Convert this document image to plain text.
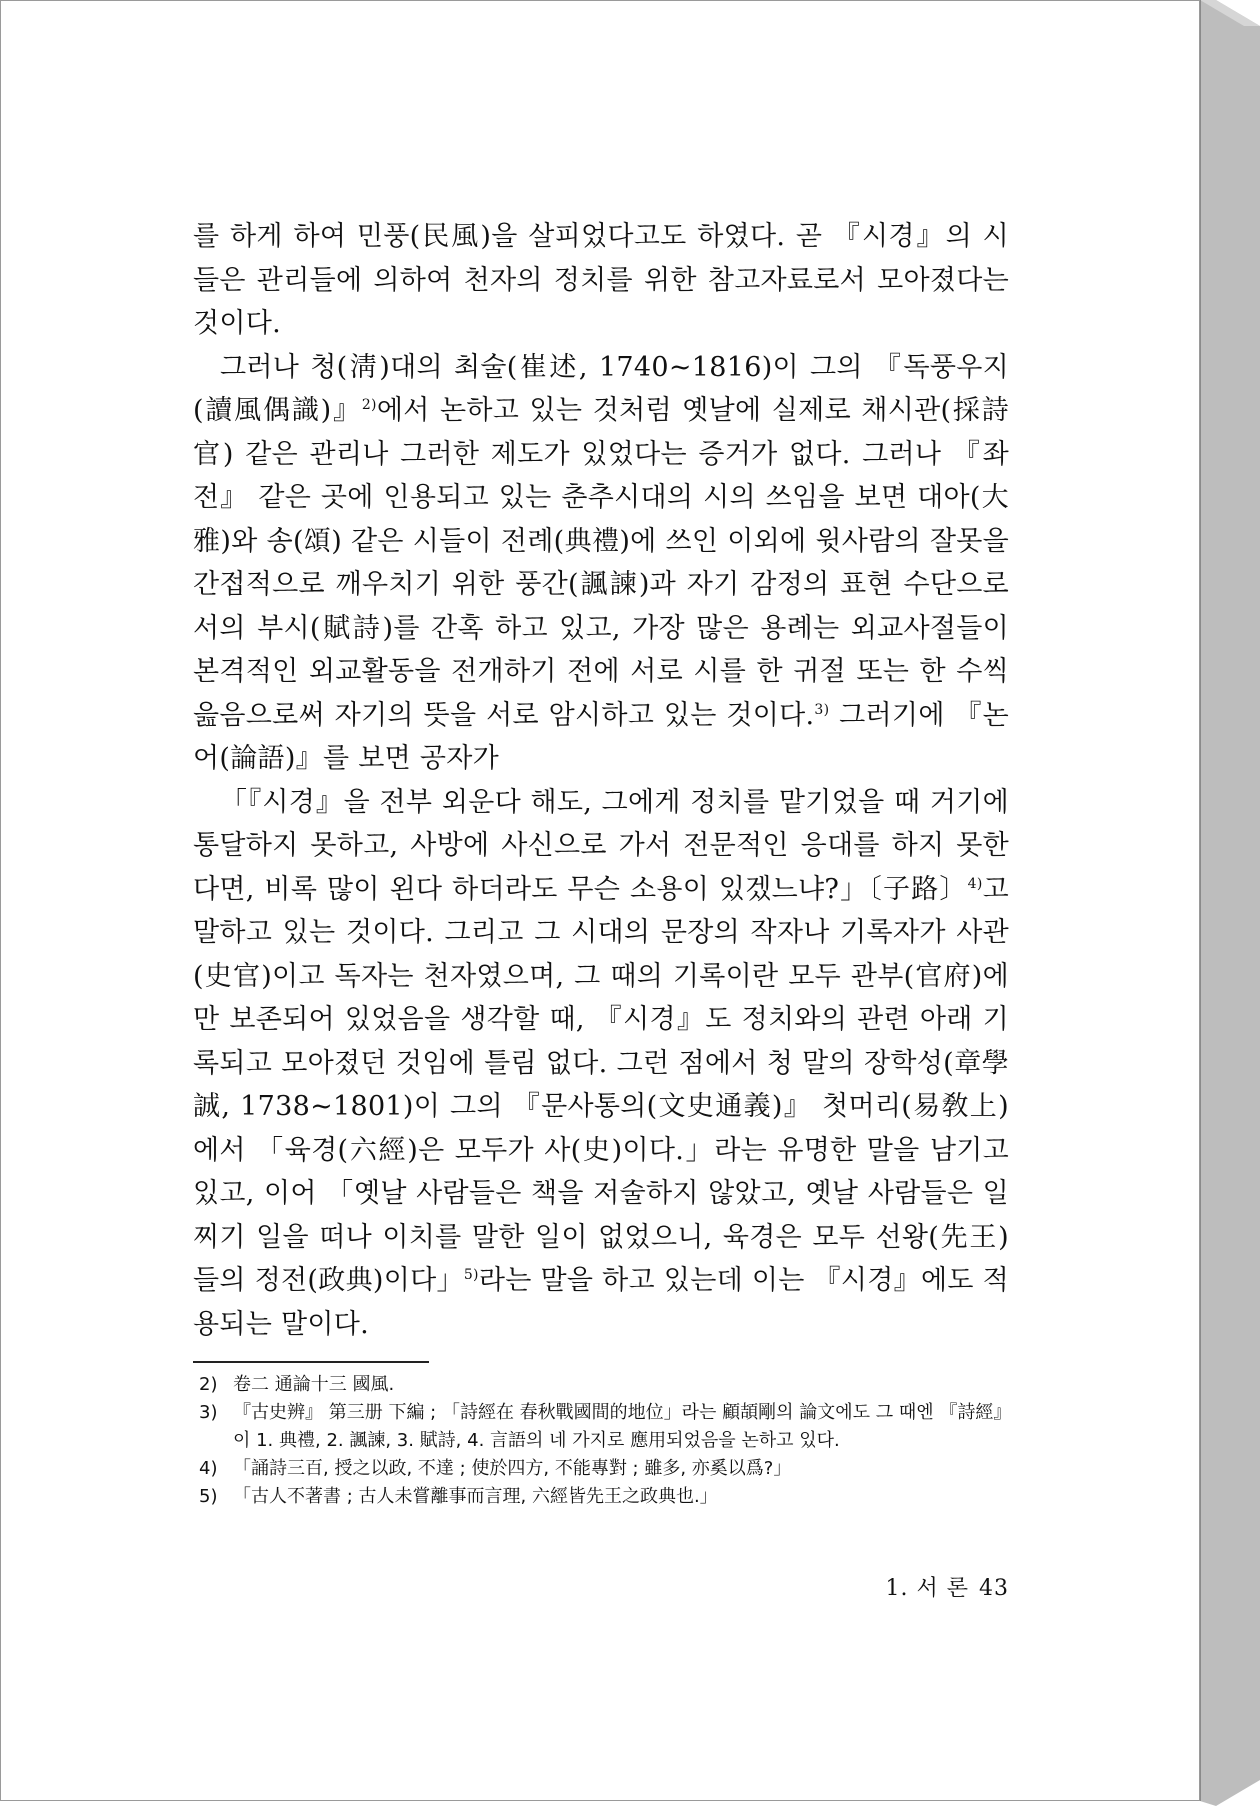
를 하게 하여 민풍(民風)을 살피었다고도 하였다. 곧 『시경』의 시들은 관리들에 의하여 천자의 정치를 위한 참고자료로서 모아졌다는 것이다.

그러나 청(淸)대의 최술(崔述, 1740~1816)이 그의 『독풍우지(讀風偶識)』$^{2)}$에서 논하고 있는 것처럼 옛날에 실제로 채시관(採詩官) 같은 관리나 그러한 제도가 있었다는 증거가 없다. 그러나 『좌전』 같은 곳에 인용되고 있는 춘추시대의 시의 쓰임을 보면 대아(大雅)와 송(頌) 같은 시들이 전례(典禮)에 쓰인 이외에 윗사람의 잘못을 간접적으로 깨우치기 위한 풍간(諷諫)과 자기 감정의 표현 수단으로서의 부시(賦詩)를 간혹 하고 있고, 가장 많은 용례는 외교사절들이 본격적인 외교활동을 전개하기 전에 서로 시를 한 귀절 또는 한 수씩 읊음으로써 자기의 뜻을 서로 암시하고 있는 것이다.$^{3)}$ 그러기에 『논어(論語)』를 보면 공자가

「『시경』을 전부 외운다 해도, 그에게 정치를 맡기었을 때 거기에 통달하지 못하고, 사방에 사신으로 가서 전문적인 응대를 하지 못한다면, 비록 많이 왼다 하더라도 무슨 소용이 있겠느냐?」〔子路〕$^{4)}$고 말하고 있는 것이다. 그리고 그 시대의 문장의 작자나 기록자가 사관(史官)이고 독자는 천자였으며, 그 때의 기록이란 모두 관부(官府)에만 보존되어 있었음을 생각할 때, 『시경』도 정치와의 관련 아래 기록되고 모아졌던 것임에 틀림 없다. 그런 점에서 청 말의 장학성(章學誠, 1738~1801)이 그의 『문사통의(文史通義)』 첫머리(易敎上)에서 「육경(六經)은 모두가 사(史)이다.」라는 유명한 말을 남기고 있고, 이어 「옛날 사람들은 책을 저술하지 않았고, 옛날 사람들은 일찌기 일을 떠나 이치를 말한 일이 없었으니, 육경은 모두 선왕(先王)들의 정전(政典)이다」$^{5)}$라는 말을 하고 있는데 이는 『시경』에도 적용되는 말이다.

2) 卷二 通論十三 國風.
3) 『古史辨』 第三册 下編 ; 「詩經在 春秋戰國間的地位」라는 顧頡剛의 論文에도 그 때엔 『詩經』이 1. 典禮, 2. 諷諫, 3. 賦詩, 4. 言語의 네 가지로 應用되었음을 논하고 있다.
4) 「誦詩三百, 授之以政, 不達 ; 使於四方, 不能專對 ; 雖多, 亦奚以爲?」
5) 「古人不著書 ; 古人未嘗離事而言理, 六經皆先王之政典也.」
1. 서 론 43
